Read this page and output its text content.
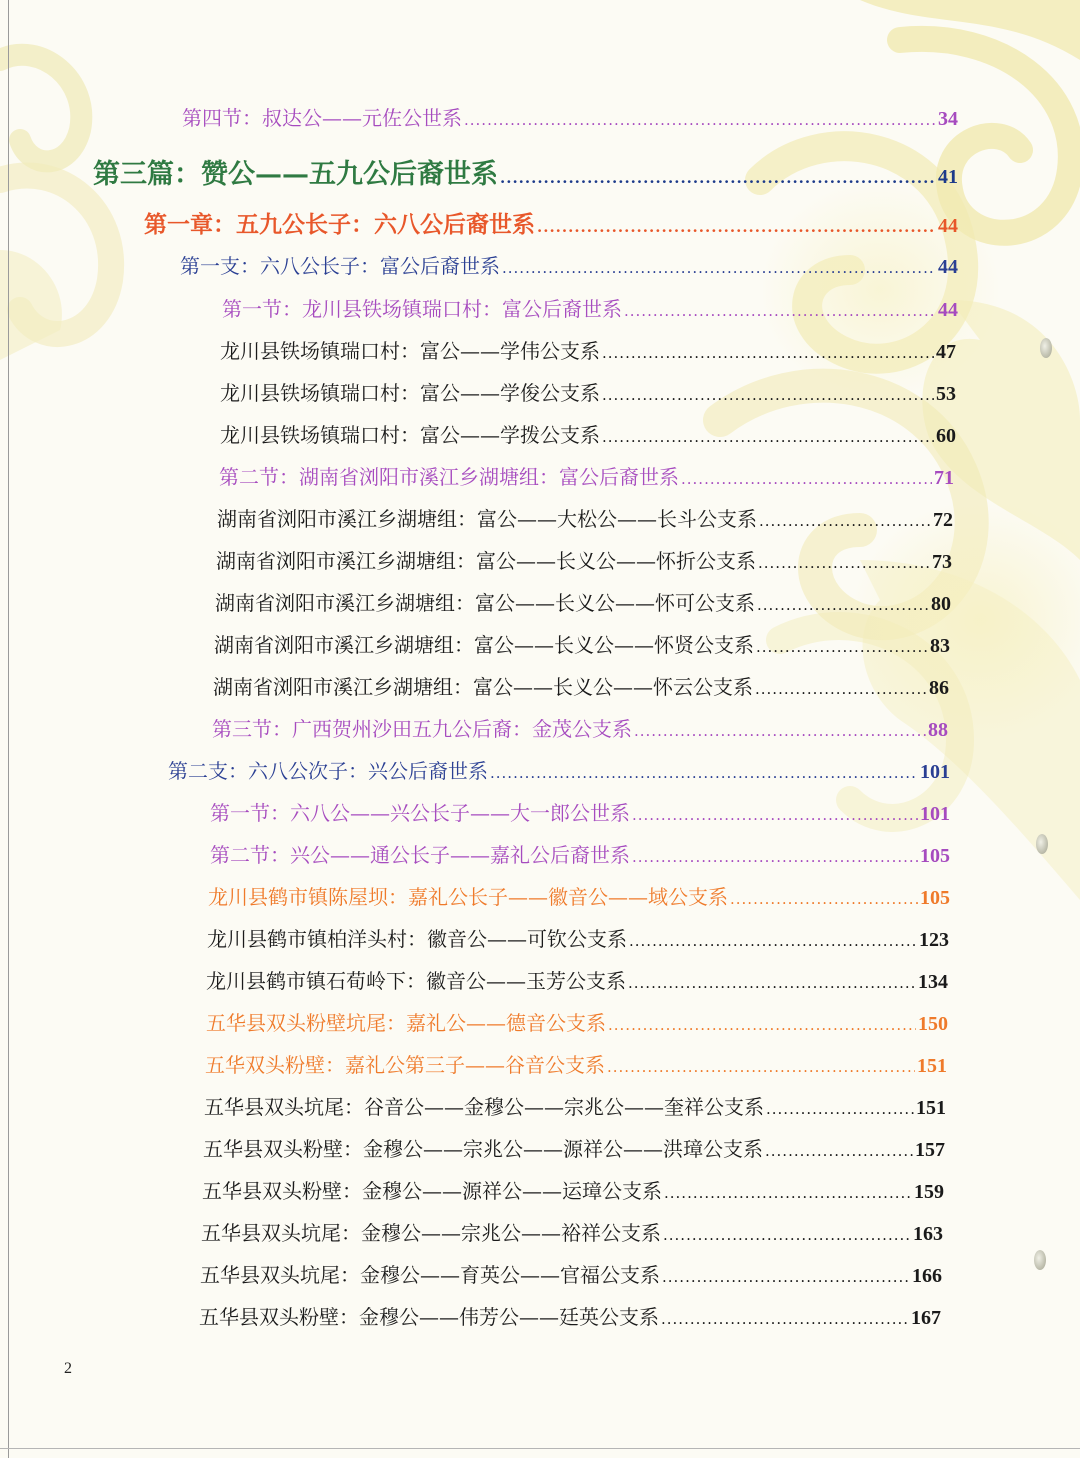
第四节：叔达公——元佐公世系 .....	34
第三篇：赞公——五九公后裔世系 .....	41
第一章：五九公长子：六八公后裔世系 .....	44
第一支：六八公长子：富公后裔世系 .....	44
第一节：龙川县铁场镇瑞口村：富公后裔世系 .....	44
龙川县铁场镇瑞口村：富公——学伟公支系 .....	47
龙川县铁场镇瑞口村：富公——学俊公支系 .....	53
龙川县铁场镇瑞口村：富公——学拨公支系 .....	60
第二节：湖南省浏阳市溪江乡湖塘组：富公后裔世系 .....	71
湖南省浏阳市溪江乡湖塘组：富公——大松公——长斗公支系 .....	72
湖南省浏阳市溪江乡湖塘组：富公——长义公——怀折公支系 .....	73
湖南省浏阳市溪江乡湖塘组：富公——长义公——怀可公支系 .....	80
湖南省浏阳市溪江乡湖塘组：富公——长义公——怀贤公支系 .....	83
湖南省浏阳市溪江乡湖塘组：富公——长义公——怀云公支系 .....	86
第三节：广西贺州沙田五九公后裔：金茂公支系 .....	88
第二支：六八公次子：兴公后裔世系 .....	101
第一节：六八公——兴公长子——大一郎公世系 .....	101
第二节：兴公——通公长子——嘉礼公后裔世系 .....	105
龙川县鹤市镇陈屋坝：嘉礼公长子——徽音公——域公支系 .....	105
龙川县鹤市镇柏洋头村：徽音公——可钦公支系 .....	123
龙川县鹤市镇石荀岭下：徽音公——玉芳公支系 .....	134
五华县双头粉壁坑尾：嘉礼公——德音公支系 .....	150
五华双头粉壁：嘉礼公第三子——谷音公支系 .....	151
五华县双头坑尾：谷音公——金穆公——宗兆公——奎祥公支系 .....	151
五华县双头粉壁：金穆公——宗兆公——源祥公——洪璋公支系 .....	157
五华县双头粉壁：金穆公——源祥公——运璋公支系 .....	159
五华县双头坑尾：金穆公——宗兆公——裕祥公支系 .....	163
五华县双头坑尾：金穆公——育英公——官福公支系 .....	166
五华县双头粉壁：金穆公——伟芳公——廷英公支系 .....	167
2
